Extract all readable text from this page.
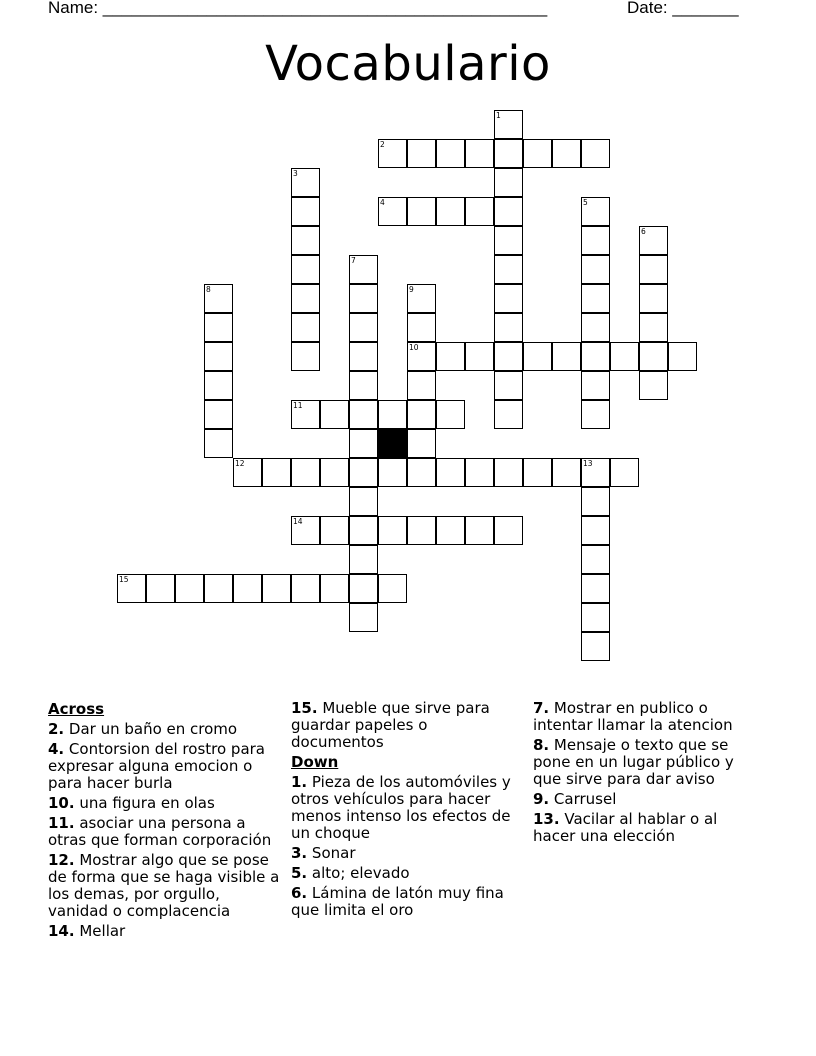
Name: _______________________________________________	Date: _______
Vocabulario
1
2
3
4	5
6
7
8	9
10
11
12	13
14
15
Across
2. Dar un baño en cromo
4. Contorsion del rostro para expresar alguna emocion o para hacer burla
10. una figura en olas
11. asociar una persona a otras que forman corporación
12. Mostrar algo que se pose de forma que se haga visible a los demas, por orgullo, vanidad o complacencia
14. Mellar
15. Mueble que sirve para guardar papeles o documentos
Down
1. Pieza de los automóviles y otros vehículos para hacer menos intenso los efectos de un choque
3. Sonar
5. alto; elevado
6. Lámina de latón muy fina que limita el oro
7. Mostrar en publico o intentar llamar la atencion
8. Mensaje o texto que se pone en un lugar público y que sirve para dar aviso
9. Carrusel
13. Vacilar al hablar o al hacer una elección
